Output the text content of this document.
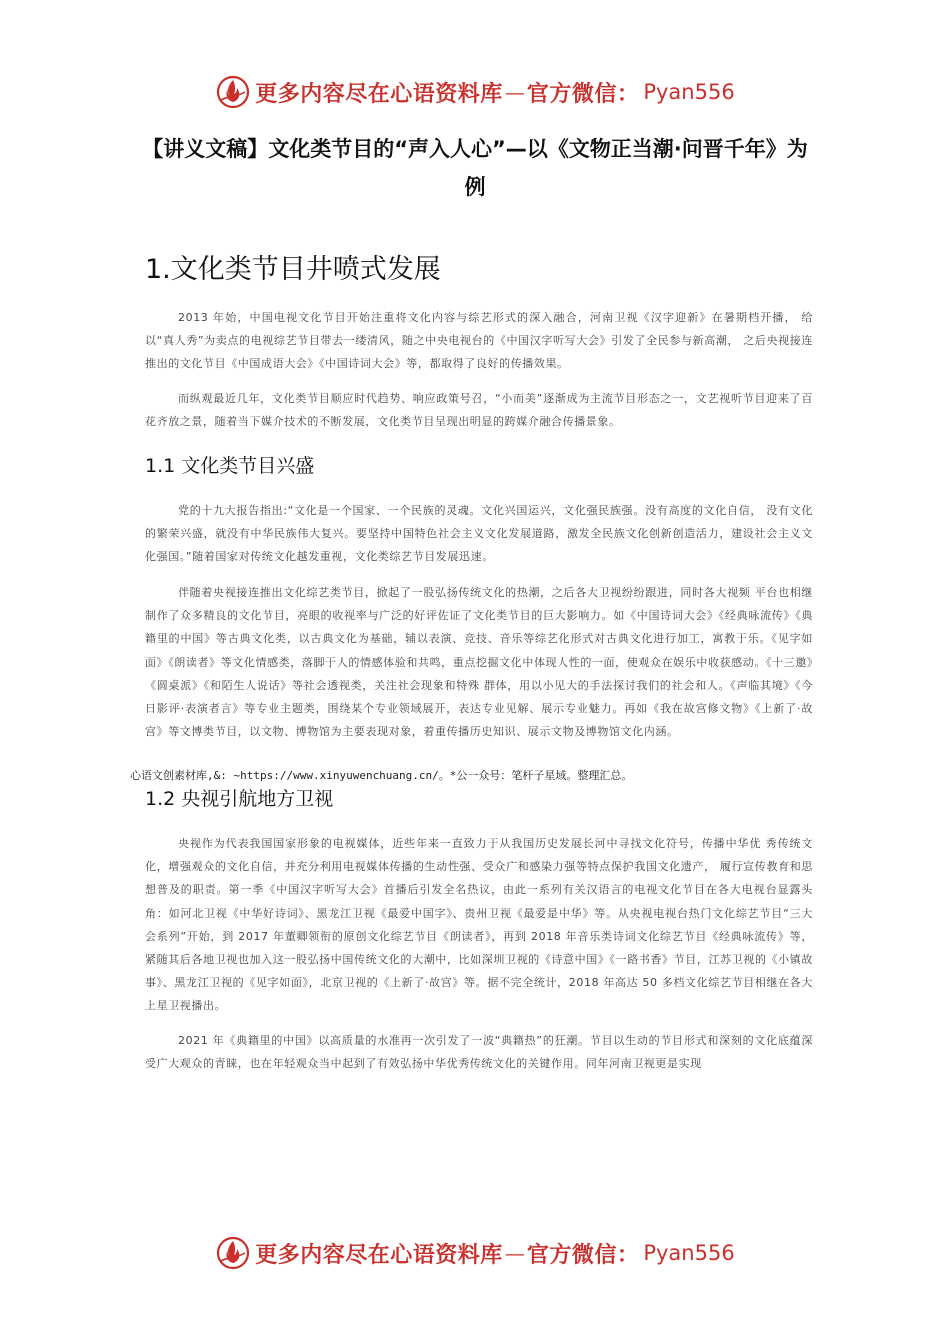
更多内容尽在心语资料库 — 官方微信： Pyan556
【讲义文稿】文化类节目的“声入人心”—以《文物正当潮·问晋千年》为例
1.文化类节目井喷式发展

2013 年始，中国电视文化节目开始注重将文化内容与综艺形式的深入融合，河南卫视《汉字迎新》在暑期档开播， 给以“真人秀”为卖点的电视综艺节目带去一缕清风，随之中央电视台的《中国汉字听写大会》引发了全民参与新高潮， 之后央视接连推出的文化节目《中国成语大会》《中国诗词大会》等，都取得了良好的传播效果。

而纵观最近几年，文化类节目顺应时代趋势、响应政策号召，“小而美”逐渐成为主流节目形态之一，文艺视听节目迎来了百花齐放之景，随着当下媒介技术的不断发展，文化类节目呈现出明显的跨媒介融合传播景象。

1.1 文化类节目兴盛

党的十九大报告指出:“文化是一个国家、一个民族的灵魂。文化兴国运兴，文化强民族强。没有高度的文化自信， 没有文化的繁荣兴盛，就没有中华民族伟大复兴。要坚持中国特色社会主义文化发展道路，激发全民族文化创新创造活力，建设社会主义文化强国。”随着国家对传统文化越发重视，文化类综艺节目发展迅速。

伴随着央视接连推出文化综艺类节目，掀起了一股弘扬传统文化的热潮，之后各大卫视纷纷跟进，同时各大视频 平台也相继制作了众多精良的文化节目，亮眼的收视率与广泛的好评佐证了文化类节目的巨大影响力。如《中国诗词大会》《经典咏流传》《典籍里的中国》等古典文化类，以古典文化为基础，辅以表演、竞技、音乐等综艺化形式对古典文化进行加工，寓教于乐。《见字如面》《朗读者》等文化情感类，落脚于人的情感体验和共鸣，重点挖掘文化中体现人性的一面，使观众在娱乐中收获感动。《十三邀》《圆桌派》《和陌生人说话》等社会透视类，关注社会现象和特殊 群体，用以小见大的手法探讨我们的社会和人。《声临其境》《今日影评·表演者言》等专业主题类，围绕某个专业领域展开，表达专业见解、展示专业魅力。再如《我在故宫修文物》《上新了·故宫》等文博类节目，以文物、博物馆为主要表现对象，着重传播历史知识、展示文物及博物馆文化内涵。

心语文创素材库,&: ~https://www.xinyuwenchuang.cn/。*公一众号：笔杆子星域。整理汇总。

1.2 央视引航地方卫视

央视作为代表我国国家形象的电视媒体，近些年来一直致力于从我国历史发展长河中寻找文化符号，传播中华优 秀传统文化，增强观众的文化自信，并充分利用电视媒体传播的生动性强、受众广和感染力强等特点保护我国文化遗产， 履行宣传教育和思想普及的职责。第一季《中国汉字听写大会》首播后引发全名热议，由此一系列有关汉语言的电视文化节目在各大电视台显露头角：如河北卫视《中华好诗词》、黑龙江卫视《最爱中国字》、贵州卫视《最爱是中华》等。从央视电视台热门文化综艺节目“三大会系列”开始，到 2017 年董卿领衔的原创文化综艺节目《朗读者》，再到 2018 年音乐类诗词文化综艺节目《经典咏流传》等，紧随其后各地卫视也加入这一股弘扬中国传统文化的大潮中，比如深圳卫视的《诗意中国》《一路书香》节目，江苏卫视的《小镇故事》、黑龙江卫视的《见字如面》，北京卫视的《上新了·故宫》等。据不完全统计，2018 年高达 50 多档文化综艺节目相继在各大上星卫视播出。

2021 年《典籍里的中国》以高质量的水准再一次引发了一波“典籍热”的狂潮。节目以生动的节目形式和深刻的文化底蕴深受广大观众的青睐，也在年轻观众当中起到了有效弘扬中华优秀传统文化的关键作用。同年河南卫视更是实现

更多内容尽在心语资料库 — 官方微信： Pyan556
